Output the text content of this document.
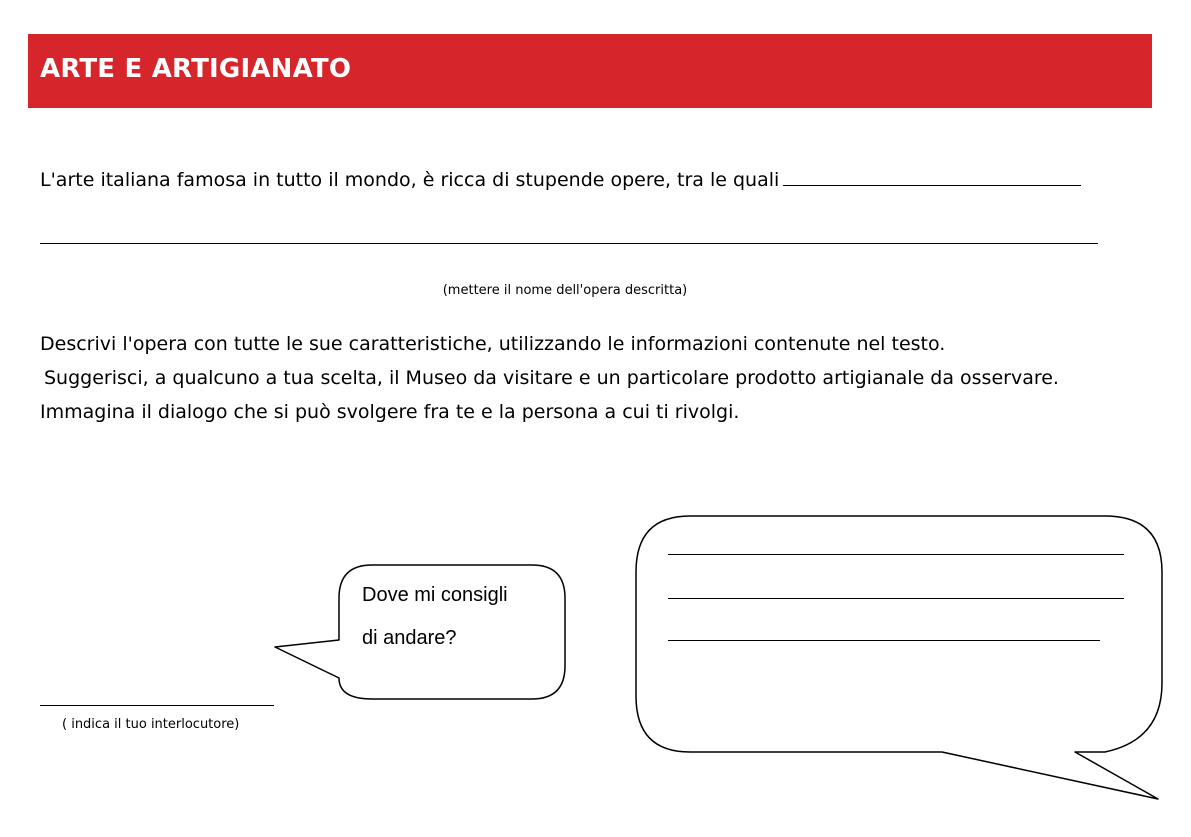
ARTE E ARTIGIANATO
L'arte italiana famosa in tutto il mondo, è ricca di stupende opere, tra le quali
(mettere il nome dell'opera descritta)
Descrivi l'opera con tutte le sue caratteristiche, utilizzando le informazioni contenute nel testo.
Suggerisci, a qualcuno a tua scelta, il Museo da visitare e un particolare prodotto artigianale da osservare.
Immagina il dialogo che si può svolgere fra te e la persona a cui ti rivolgi.
Dove mi consigli
di andare?
( indica il tuo interlocutore)
